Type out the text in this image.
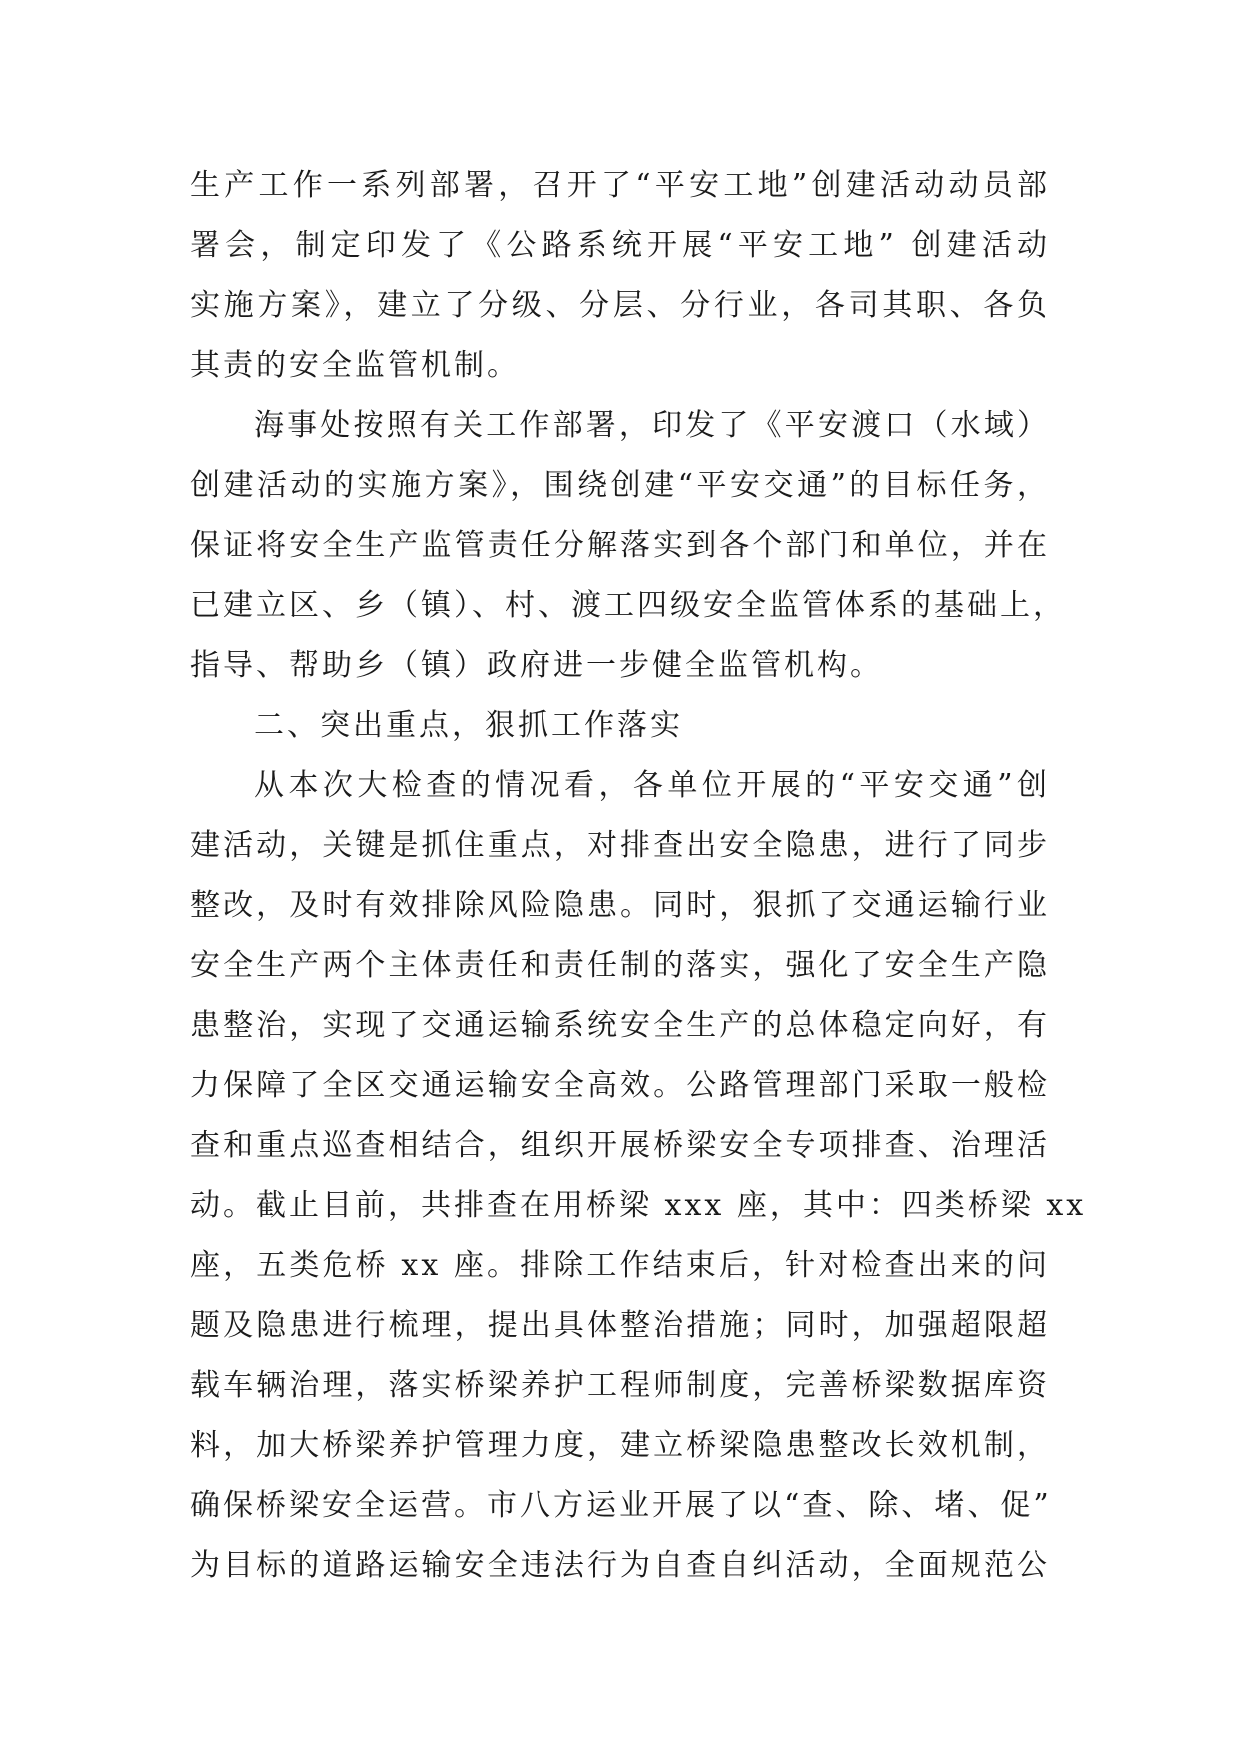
生产工作一系列部署，召开了“平安工地”创建活动动员部
署会，制定印发了《公路系统开展“平安工地” 创建活动
实施方案》，建立了分级、分层、分行业，各司其职、各负
其责的安全监管机制。
海事处按照有关工作部署，印发了《平安渡口（水域）
创建活动的实施方案》，围绕创建“平安交通”的目标任务，
保证将安全生产监管责任分解落实到各个部门和单位，并在
已建立区、乡（镇）、村、渡工四级安全监管体系的基础上，
指导、帮助乡（镇）政府进一步健全监管机构。
二、突出重点，狠抓工作落实
从本次大检查的情况看，各单位开展的“平安交通”创
建活动，关键是抓住重点，对排查出安全隐患，进行了同步
整改，及时有效排除风险隐患。同时，狠抓了交通运输行业
安全生产两个主体责任和责任制的落实，强化了安全生产隐
患整治，实现了交通运输系统安全生产的总体稳定向好，有
力保障了全区交通运输安全高效。公路管理部门采取一般检
查和重点巡查相结合，组织开展桥梁安全专项排查、治理活
动。截止目前，共排查在用桥梁 xxx 座，其中：四类桥梁 xx
座，五类危桥 xx 座。排除工作结束后，针对检查出来的问
题及隐患进行梳理，提出具体整治措施；同时，加强超限超
载车辆治理，落实桥梁养护工程师制度，完善桥梁数据库资
料，加大桥梁养护管理力度，建立桥梁隐患整改长效机制，
确保桥梁安全运营。市八方运业开展了以“查、除、堵、促”
为目标的道路运输安全违法行为自查自纠活动，全面规范公
